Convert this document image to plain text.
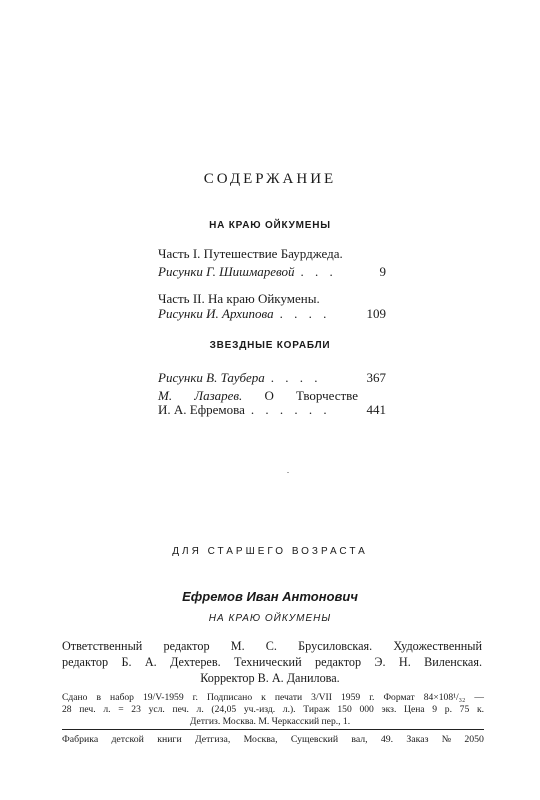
СОДЕРЖАНИЕ
НА КРАЮ ОЙКУМЕНЫ
Часть I. Путешествие Баурджеда.
Рисунки Г. Шишмаревой . . .	9
Часть II. На краю Ойкумены.
Рисунки И. Архипова . . . .	109
ЗВЕЗДНЫЕ КОРАБЛИ
Рисунки В. Таубера . . . .	367
М. Лазарев. О Творчестве
И. А. Ефремова . . . . . .	441
.
ДЛЯ СТАРШЕГО ВОЗРАСТА
Ефремов Иван Антонович
НА КРАЮ ОЙКУМЕНЫ
Ответственный редактор М. С. Брусиловская. Художественный
редактор Б. А. Дехтерев. Технический редактор Э. Н. Виленская.
Корректор В. А. Данилова.
Сдано в набор 19/V-1959 г. Подписано к печати 3/VII 1959 г. Формат 84×108¹/₃₂ —
28 печ. л. = 23 усл. печ. л. (24,05 уч.-изд. л.). Тираж 150 000 экз. Цена 9 р. 75 к.
Детгиз. Москва. М. Черкасский пер., 1.
Фабрика детской книги Детгиза, Москва, Сущевский вал, 49. Заказ № 2050
